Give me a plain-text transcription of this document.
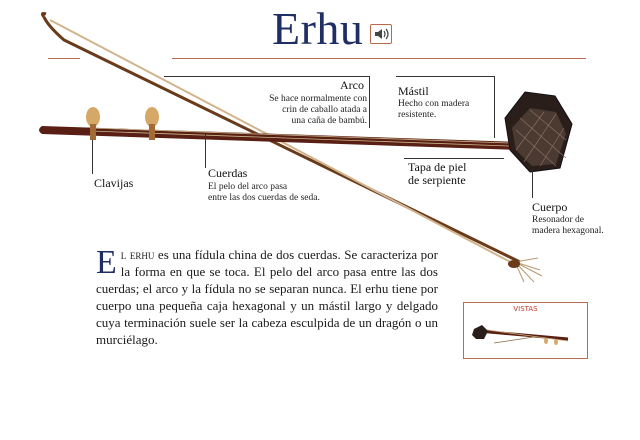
Erhu
Arco
Se hace normalmente con
crin de caballo atada a
una caña de bambú.
Mástil
Hecho con madera
resistente.
Clavijas
Cuerdas
El pelo del arco pasa
entre las dos cuerdas de seda.
Tapa de piel
de serpiente
Cuerpo
Resonador de
madera hexagonal.
El erhu es una fídula china de dos cuerdas. Se caracteriza por la forma en que se toca. El pelo del arco pasa entre las dos cuerdas; el arco y la fídula no se separan nunca. El erhu tiene por cuerpo una pequeña caja hexagonal y un mástil largo y delgado cuya terminación suele ser la cabeza esculpida de un dragón o un murciélago.
VISTAS
